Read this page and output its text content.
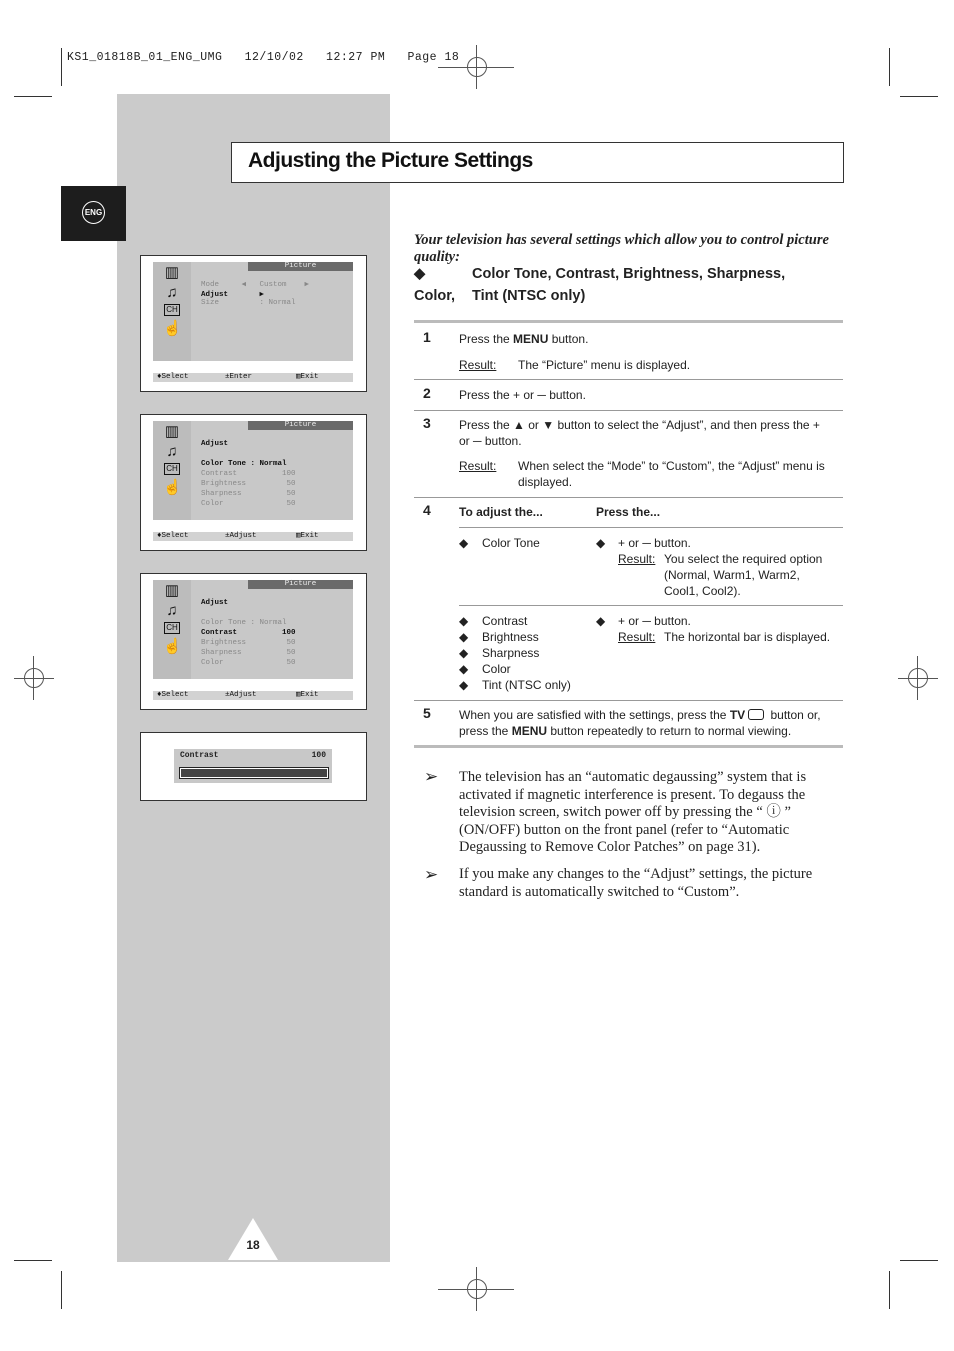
KS1_01818B_01_ENG_UMG   12/10/02   12:27 PM   Page 18
ENG
Adjusting the Picture Settings
▥
♫
CH
☝
Picture
Mode     ◀   Custom    ▶
Adjust       ▶
Size         : Normal
♦Select	±Enter	▥Exit
▥
♫
CH
☝
Picture
Adjust
Color Tone : Normal
Contrast          100
Brightness         50
Sharpness          50
Color              50
♦Select	±Adjust	▥Exit
▥
♫
CH
☝
Picture
Adjust
Color Tone : Normal
Contrast          100
Brightness         50
Sharpness          50
Color              50
♦Select	±Adjust	▥Exit
Contrast	100
Your television has several settings which allow you to control picture quality:
◆	Color Tone, Contrast, Brightness, Sharpness,
Color, Tint (NTSC only)
1 Press the MENU button.
Result: The “Picture” menu is displayed.
2 Press the + or ─ button.
3 Press the ▲ or ▼ button to select the “Adjust”, and then press the +
or ─ button.
Result: When select the “Mode” to “Custom”, the “Adjust” menu is
displayed.
4 To adjust the...	Press the...
◆ Color Tone	◆ + or ─ button.
Result: You select the required option
(Normal, Warm1, Warm2,
Cool1, Cool2).
◆ Contrast
◆ Brightness
◆ Sharpness
◆ Color
◆ Tint (NTSC only)
◆ + or ─ button.
Result: The horizontal bar is displayed.
5 When you are satisfied with the settings, press the TV button or,
press the MENU button repeatedly to return to normal viewing.
➢ The television has an “automatic degaussing” system that is activated if magnetic interference is present. To degauss the television screen, switch power off by pressing the “ ⓘ ” (ON/OFF) button on the front panel (refer to “Automatic Degaussing to Remove Color Patches” on page 31).
➢ If you make any changes to the “Adjust” settings, the picture standard is automatically switched to “Custom”.
18
